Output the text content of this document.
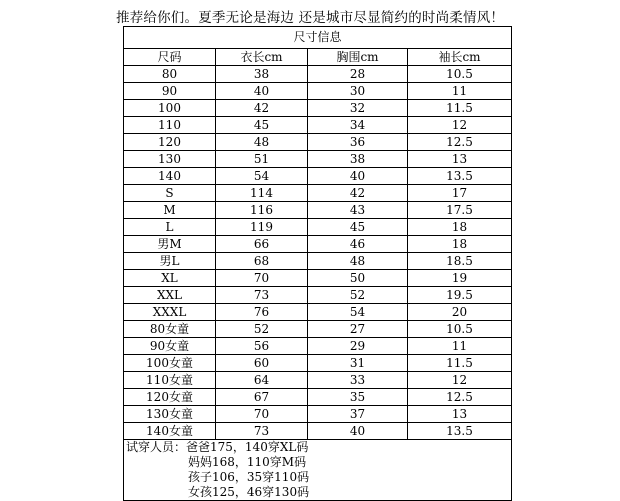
推荐给你们。夏季无论是海边 还是城市尽显简约的时尚柔情风！
尺寸信息			
尺码	衣长cm	胸围cm	袖长cm
80	38	28	10.5
90	40	30	11
100	42	32	11.5
110	45	34	12
120	48	36	12.5
130	51	38	13
140	54	40	13.5
S	114	42	17
M	116	43	17.5
L	119	45	18
男M	66	46	18
男L	68	48	18.5
XL	70	50	19
XXL	73	52	19.5
XXXL	76	54	20
80女童	52	27	10.5
90女童	56	29	11
100女童	60	31	11.5
110女童	64	33	12
120女童	67	35	12.5
130女童	70	37	13
140女童	73	40	13.5

试穿人员：爸爸175，140穿XL码
妈妈168，110穿M码
孩子106，35穿110码
女孩125，46穿130码			
